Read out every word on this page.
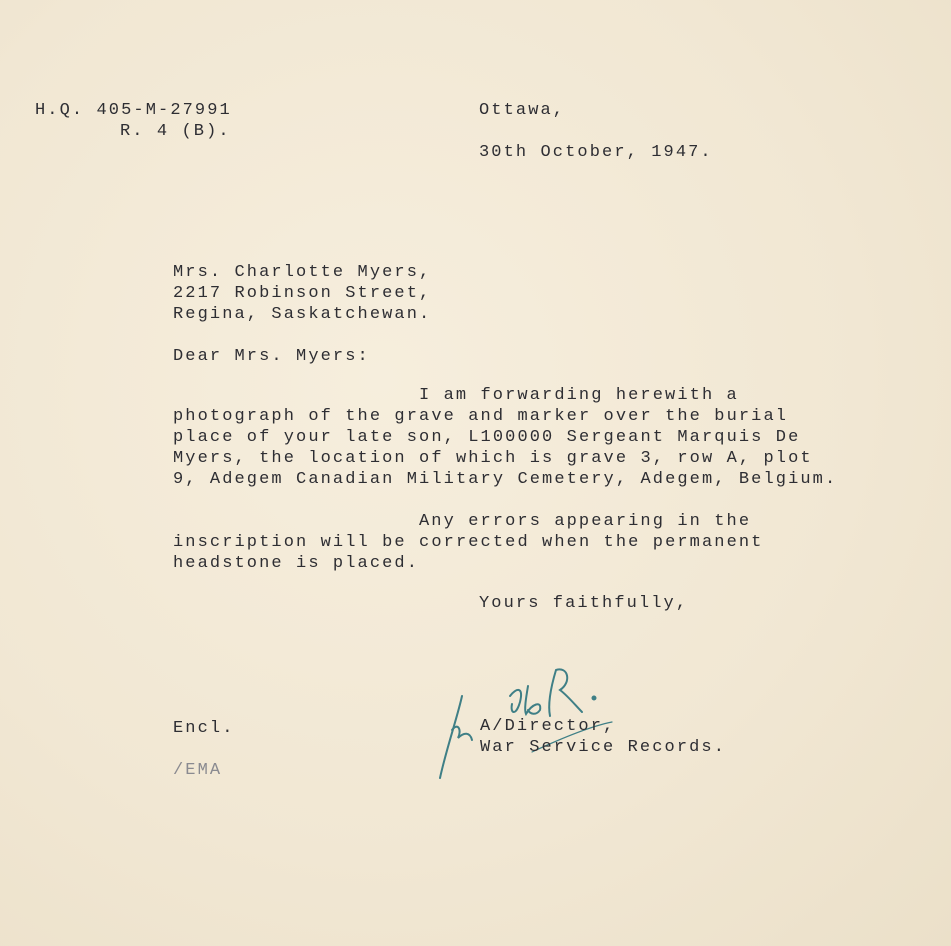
H.Q. 405-M-27991
R. 4 (B).
Ottawa,
30th October, 1947.
Mrs. Charlotte Myers,
2217 Robinson Street,
Regina, Saskatchewan.
Dear Mrs. Myers:
I am forwarding herewith a
photograph of the grave and marker over the burial
place of your late son, L100000 Sergeant Marquis De
Myers, the location of which is grave 3, row A, plot
9, Adegem Canadian Military Cemetery, Adegem, Belgium.
Any errors appearing in the
inscription will be corrected when the permanent
headstone is placed.
Yours faithfully,
A/Director,
War Service Records.
Encl.
/EMA
